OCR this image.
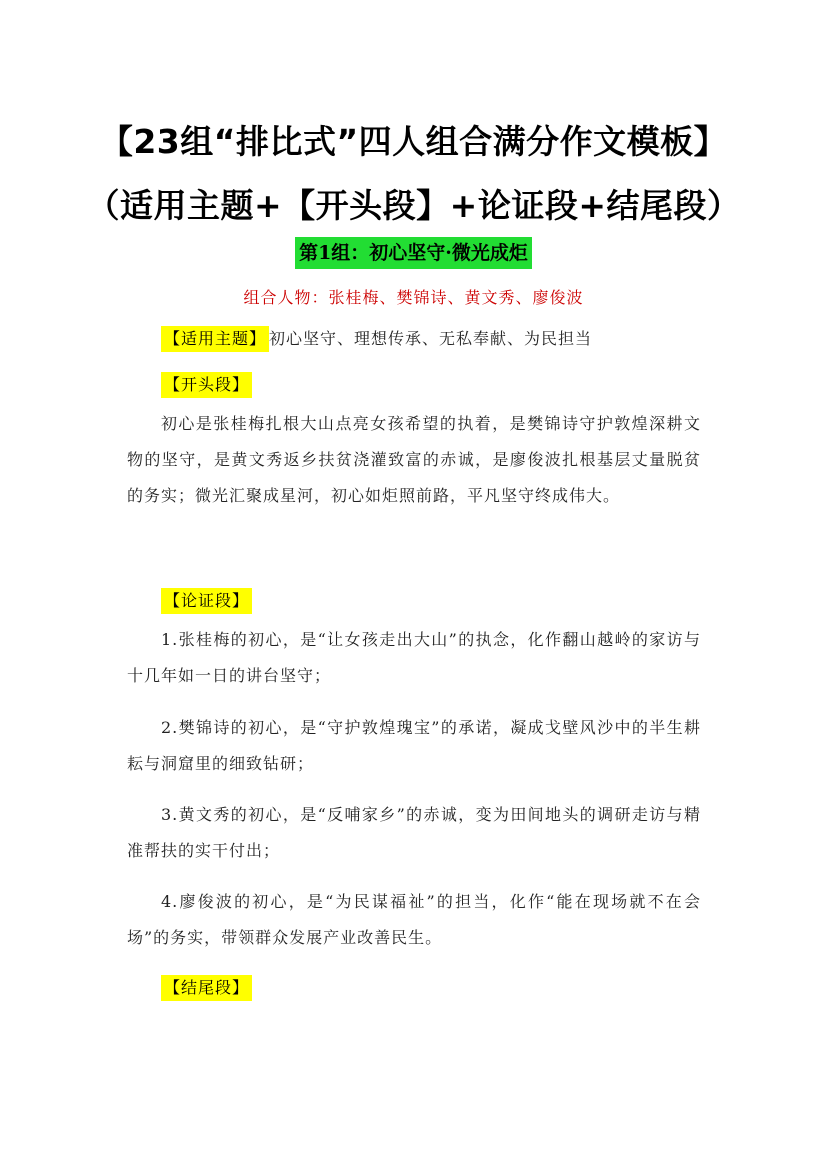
【23组“排比式”四人组合满分作文模板】
（适用主题+【开头段】+论证段+结尾段）
第1组：初心坚守·微光成炬
组合人物：张桂梅、樊锦诗、黄文秀、廖俊波
【适用主题】 初心坚守、理想传承、无私奉献、为民担当
【开头段】

初心是张桂梅扎根大山点亮女孩希望的执着，是樊锦诗守护敦煌深耕文物的坚守，是黄文秀返乡扶贫浇灌致富的赤诚，是廖俊波扎根基层丈量脱贫的务实；微光汇聚成星河，初心如炬照前路，平凡坚守终成伟大。

【论证段】

1.张桂梅的初心，是“让女孩走出大山”的执念，化作翻山越岭的家访与十几年如一日的讲台坚守；

2.樊锦诗的初心，是“守护敦煌瑰宝”的承诺，凝成戈壁风沙中的半生耕耘与洞窟里的细致钻研；

3.黄文秀的初心，是“反哺家乡”的赤诚，变为田间地头的调研走访与精准帮扶的实干付出；

4.廖俊波的初心，是“为民谋福祉”的担当，化作“能在现场就不在会场”的务实，带领群众发展产业改善民生。

【结尾段】
